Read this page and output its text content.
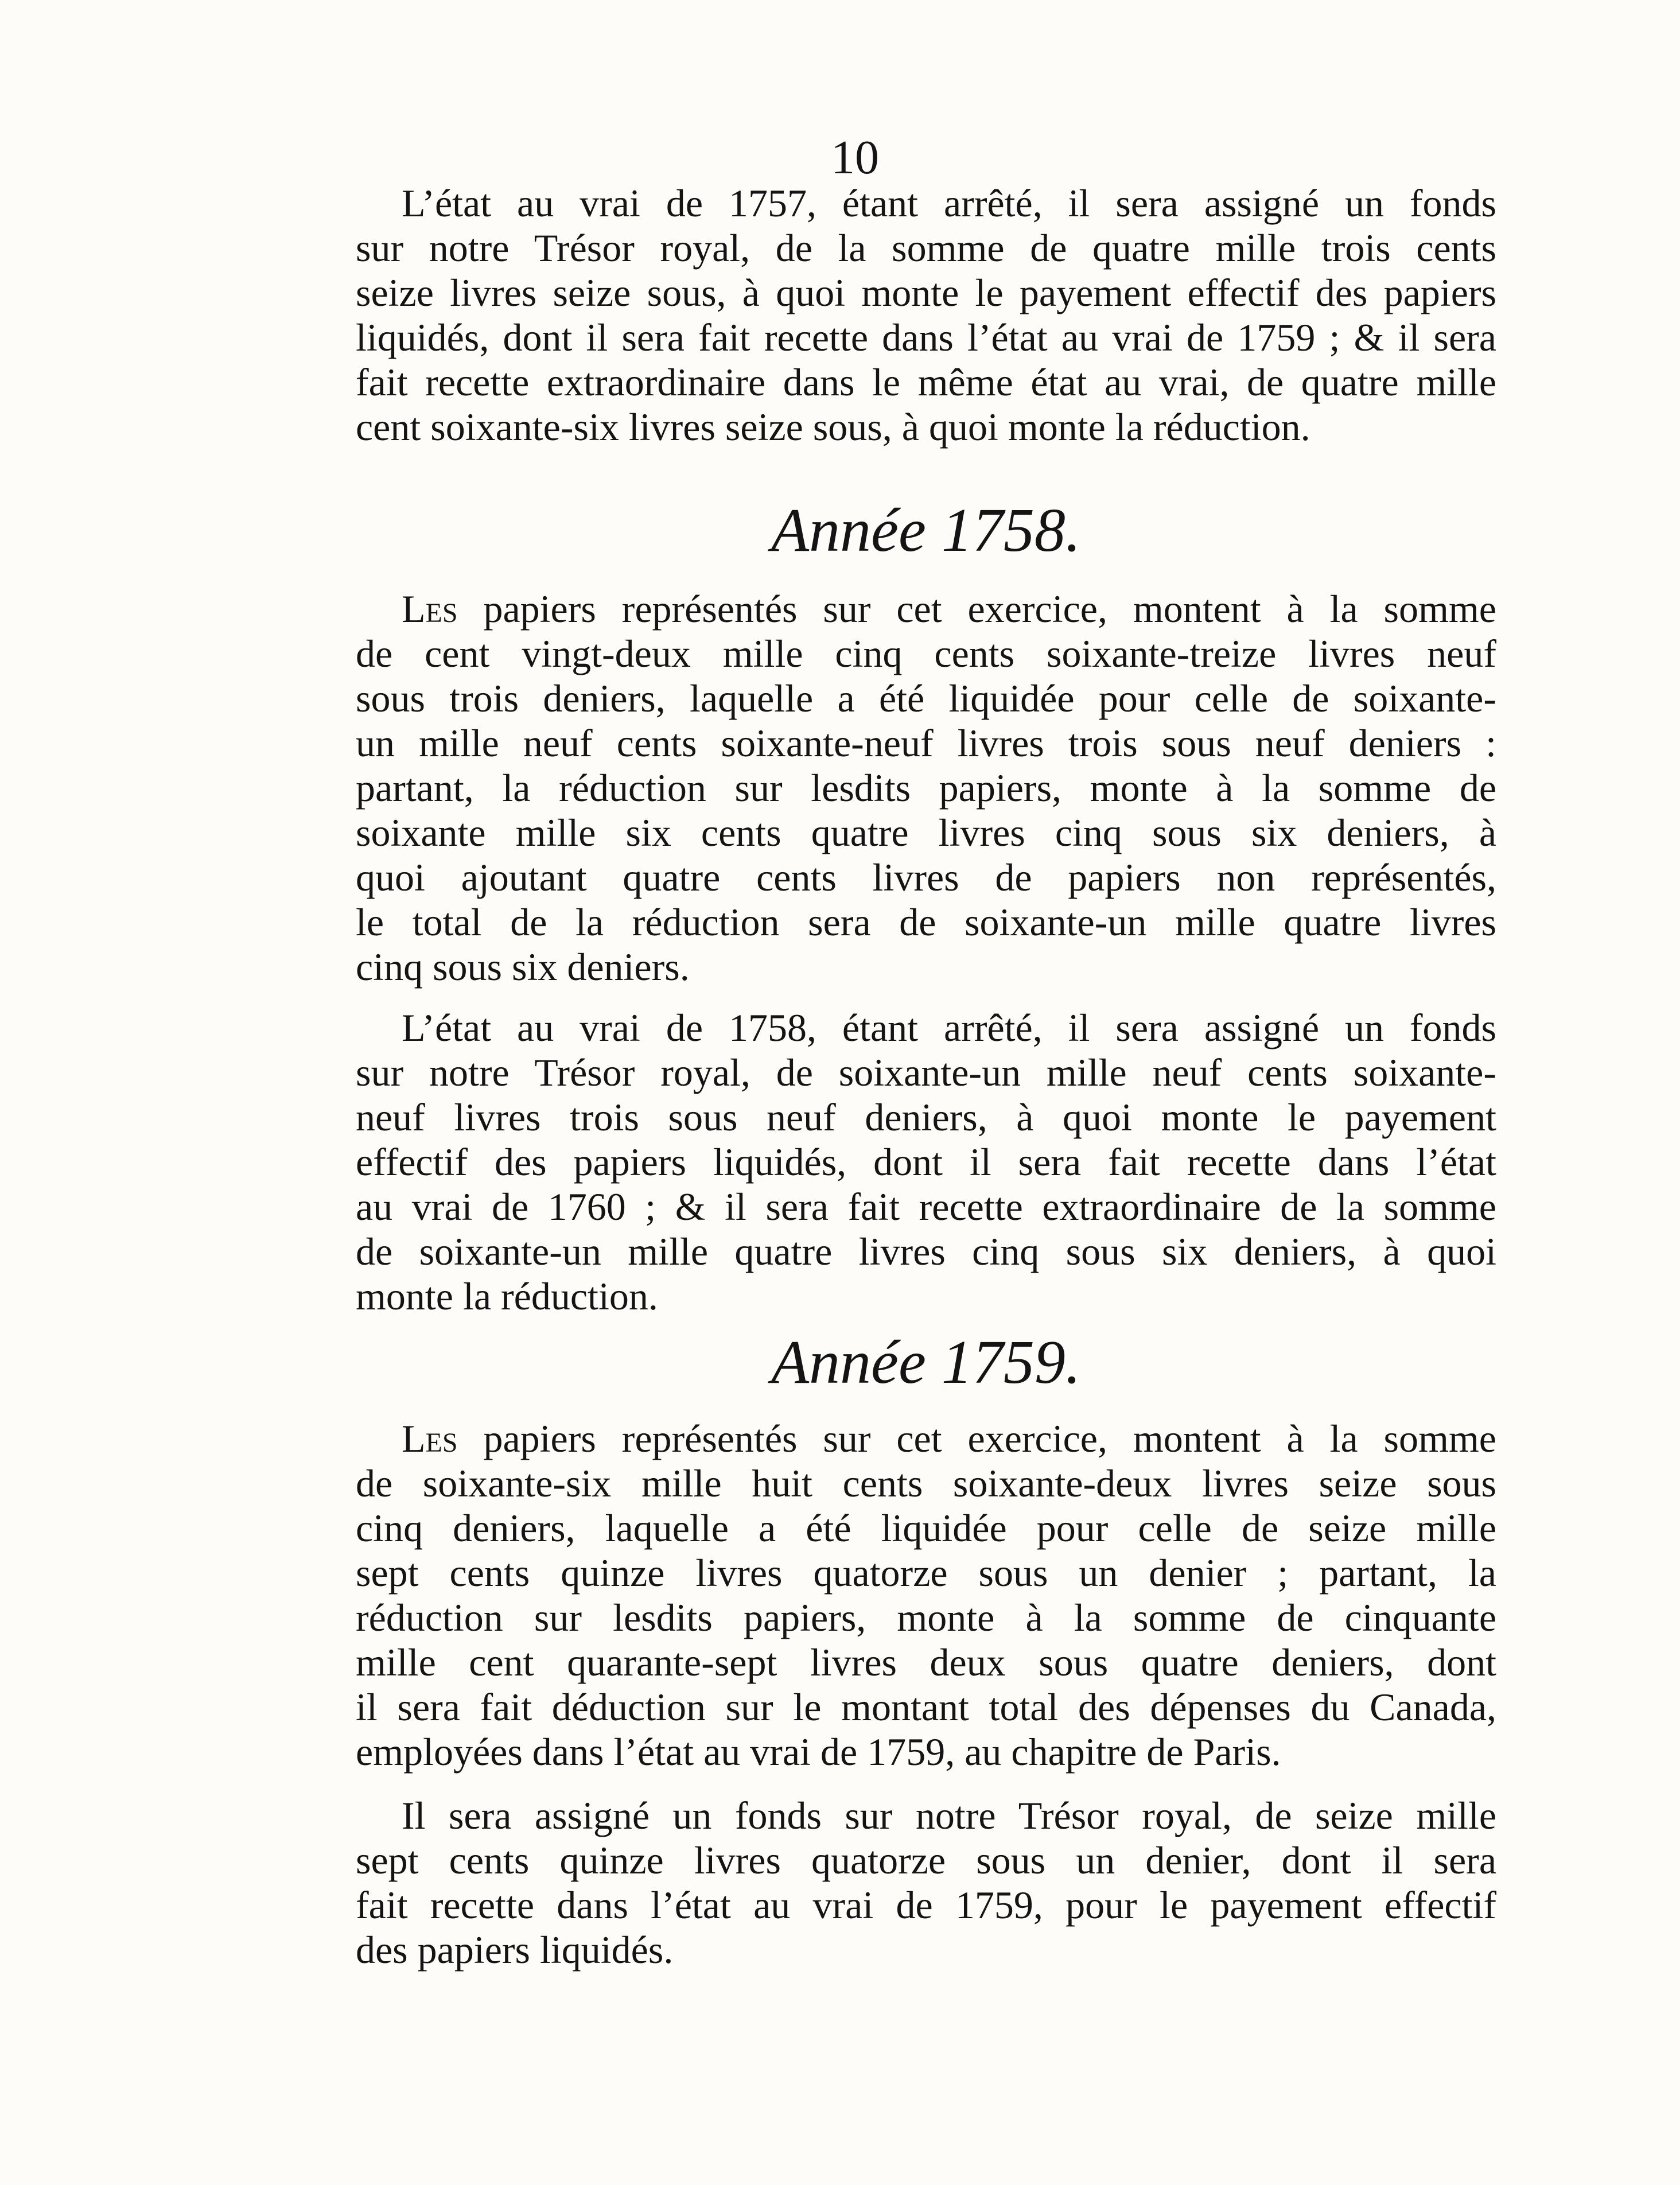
10
L’état au vrai de 1757, étant arrêté, il sera assigné un fonds
sur notre Trésor royal, de la somme de quatre mille trois cents
seize livres seize sous, à quoi monte le payement effectif des papiers
liquidés, dont il sera fait recette dans l’état au vrai de 1759 ; & il sera
fait recette extraordinaire dans le même état au vrai, de quatre mille
cent soixante-six livres seize sous, à quoi monte la réduction.
Année 1758.
Les papiers représentés sur cet exercice, montent à la somme
de cent vingt-deux mille cinq cents soixante-treize livres neuf
sous trois deniers, laquelle a été liquidée pour celle de soixante-
un mille neuf cents soixante-neuf livres trois sous neuf deniers :
partant, la réduction sur lesdits papiers, monte à la somme de
soixante mille six cents quatre livres cinq sous six deniers, à
quoi ajoutant quatre cents livres de papiers non représentés,
le total de la réduction sera de soixante-un mille quatre livres
cinq sous six deniers.
L’état au vrai de 1758, étant arrêté, il sera assigné un fonds
sur notre Trésor royal, de soixante-un mille neuf cents soixante-
neuf livres trois sous neuf deniers, à quoi monte le payement
effectif des papiers liquidés, dont il sera fait recette dans l’état
au vrai de 1760 ; & il sera fait recette extraordinaire de la somme
de soixante-un mille quatre livres cinq sous six deniers, à quoi
monte la réduction.
Année 1759.
Les papiers représentés sur cet exercice, montent à la somme
de soixante-six mille huit cents soixante-deux livres seize sous
cinq deniers, laquelle a été liquidée pour celle de seize mille
sept cents quinze livres quatorze sous un denier ; partant, la
réduction sur lesdits papiers, monte à la somme de cinquante
mille cent quarante-sept livres deux sous quatre deniers, dont
il sera fait déduction sur le montant total des dépenses du Canada,
employées dans l’état au vrai de 1759, au chapitre de Paris.
Il sera assigné un fonds sur notre Trésor royal, de seize mille
sept cents quinze livres quatorze sous un denier, dont il sera
fait recette dans l’état au vrai de 1759, pour le payement effectif
des papiers liquidés.
